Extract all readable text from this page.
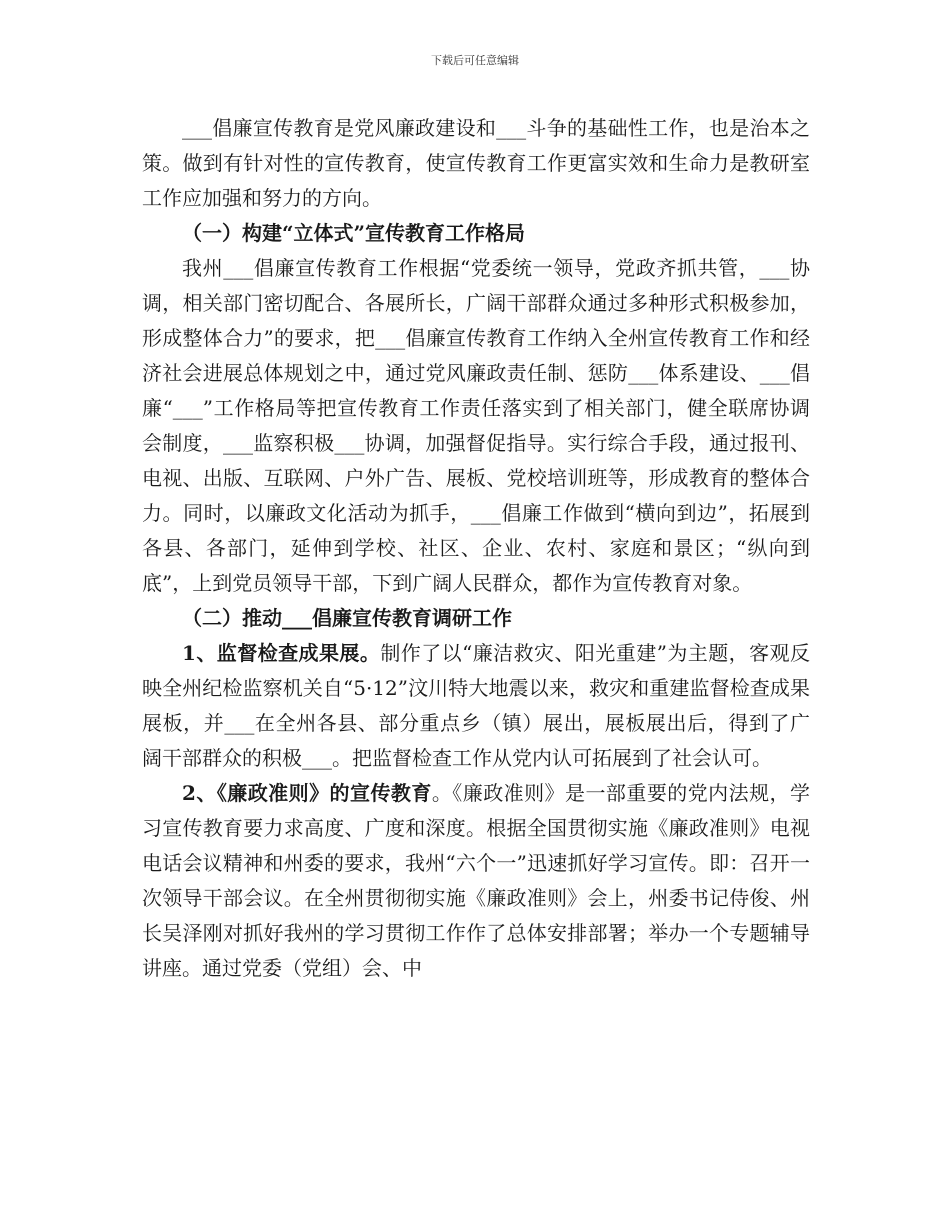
下载后可任意编辑

___倡廉宣传教育是党风廉政建设和___斗争的基础性工作，也是治本之策。做到有针对性的宣传教育，使宣传教育工作更富实效和生命力是教研室工作应加强和努力的方向。

（一）构建“立体式”宣传教育工作格局

我州___倡廉宣传教育工作根据“党委统一领导，党政齐抓共管，___协调，相关部门密切配合、各展所长，广阔干部群众通过多种形式积极参加，形成整体合力”的要求，把___倡廉宣传教育工作纳入全州宣传教育工作和经济社会进展总体规划之中，通过党风廉政责任制、惩防___体系建设、___倡廉“___”工作格局等把宣传教育工作责任落实到了相关部门，健全联席协调会制度，___监察积极___协调，加强督促指导。实行综合手段，通过报刊、电视、出版、互联网、户外广告、展板、党校培训班等，形成教育的整体合力。同时，以廉政文化活动为抓手，___倡廉工作做到“横向到边”，拓展到各县、各部门，延伸到学校、社区、企业、农村、家庭和景区；“纵向到底”，上到党员领导干部，下到广阔人民群众，都作为宣传教育对象。

（二）推动___倡廉宣传教育调研工作

1、监督检查成果展。制作了以“廉洁救灾、阳光重建”为主题，客观反映全州纪检监察机关自“5·12”汶川特大地震以来，救灾和重建监督检查成果展板，并___在全州各县、部分重点乡（镇）展出，展板展出后，得到了广阔干部群众的积极___。把监督检查工作从党内认可拓展到了社会认可。

2、《廉政准则》的宣传教育。《廉政准则》是一部重要的党内法规，学习宣传教育要力求高度、广度和深度。根据全国贯彻实施《廉政准则》电视电话会议精神和州委的要求，我州“六个一”迅速抓好学习宣传。即：召开一次领导干部会议。在全州贯彻彻实施《廉政准则》会上，州委书记侍俊、州长吴泽刚对抓好我州的学习贯彻工作作了总体安排部署；举办一个专题辅导讲座。通过党委（党组）会、中
